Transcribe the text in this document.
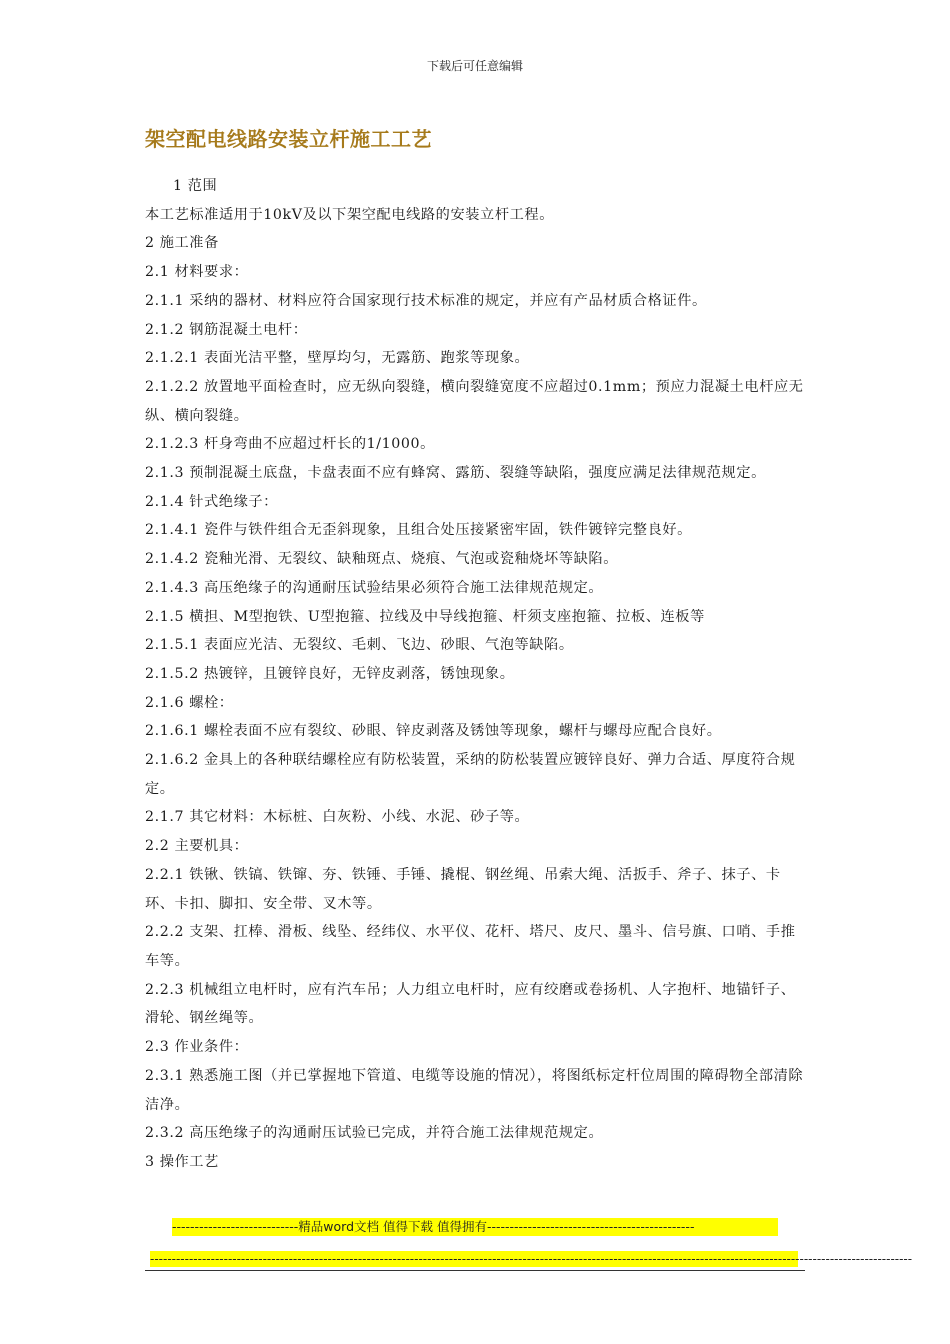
下载后可任意编辑
架空配电线路安装立杆施工工艺

1 范围

本工艺标准适用于10kV及以下架空配电线路的安装立杆工程。

2 施工准备

2.1 材料要求：

2.1.1 采纳的器材、材料应符合国家现行技术标准的规定，并应有产品材质合格证件。

2.1.2 钢筋混凝土电杆：

2.1.2.1 表面光洁平整，壁厚均匀，无露筋、跑浆等现象。

2.1.2.2 放置地平面检查时，应无纵向裂缝，横向裂缝宽度不应超过0.1mm；预应力混凝土电杆应无纵、横向裂缝。

2.1.2.3 杆身弯曲不应超过杆长的1/1000。

2.1.3 预制混凝土底盘，卡盘表面不应有蜂窝、露筋、裂缝等缺陷，强度应满足法律规范规定。

2.1.4 针式绝缘子：

2.1.4.1 瓷件与铁件组合无歪斜现象，且组合处压接紧密牢固，铁件镀锌完整良好。

2.1.4.2 瓷釉光滑、无裂纹、缺釉斑点、烧痕、气泡或瓷釉烧坏等缺陷。

2.1.4.3 高压绝缘子的沟通耐压试验结果必须符合施工法律规范规定。

2.1.5 横担、M型抱铁、U型抱箍、拉线及中导线抱箍、杆须支座抱箍、拉板、连板等

2.1.5.1 表面应光洁、无裂纹、毛刺、飞边、砂眼、气泡等缺陷。

2.1.5.2 热镀锌，且镀锌良好，无锌皮剥落，锈蚀现象。

2.1.6 螺栓：

2.1.6.1 螺栓表面不应有裂纹、砂眼、锌皮剥落及锈蚀等现象，螺杆与螺母应配合良好。

2.1.6.2 金具上的各种联结螺栓应有防松装置，采纳的防松装置应镀锌良好、弹力合适、厚度符合规定。

2.1.7 其它材料：木标桩、白灰粉、小线、水泥、砂子等。

2.2 主要机具：

2.2.1 铁锹、铁镐、铁镩、夯、铁锤、手锤、撬棍、钢丝绳、吊索大绳、活扳手、斧子、抹子、卡环、卡扣、脚扣、安全带、叉木等。

2.2.2 支架、扛棒、滑板、线坠、经纬仪、水平仪、花杆、塔尺、皮尺、墨斗、信号旗、口哨、手推车等。

2.2.3 机械组立电杆时，应有汽车吊；人力组立电杆时，应有绞磨或卷扬机、人字抱杆、地锚钎子、滑轮、钢丝绳等。

2.3 作业条件：

2.3.1 熟悉施工图（并已掌握地下管道、电缆等设施的情况），将图纸标定杆位周围的障碍物全部清除洁净。

2.3.2 高压绝缘子的沟通耐压试验已完成，并符合施工法律规范规定。

3 操作工艺

----------------------------精品word文档 值得下载 值得拥有----------------------------------------------
--------------------------------------------------------------------------------------------------------------------------------------------------------------------------------
